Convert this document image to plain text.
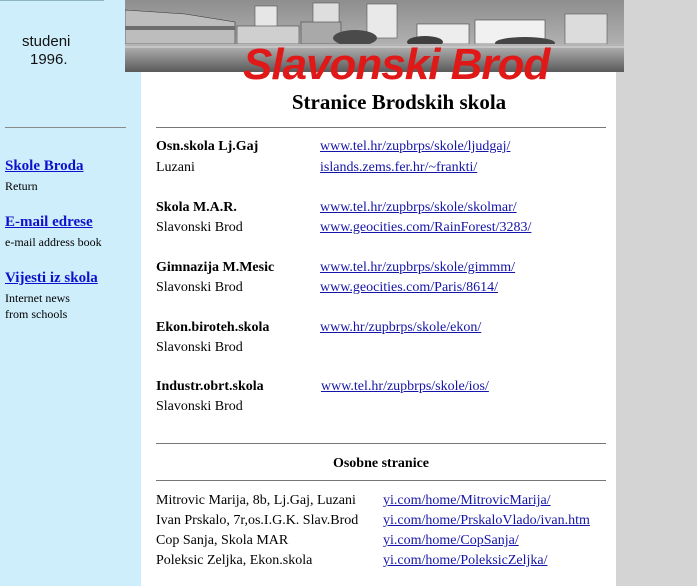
studeni
1996.
Skole Broda
Return
E-mail edrese
e-mail address book
Vijesti iz skola
Internet news
from schools
Slavonski Brod
Stranice Brodskih skola
Osn.skola Lj.Gaj	www.tel.hr/zupbrps/skole/ljudgaj/
Luzani	islands.zems.fer.hr/~frankti/
Skola M.A.R.	www.tel.hr/zupbrps/skole/skolmar/
Slavonski Brod	www.geocities.com/RainForest/3283/
Gimnazija M.Mesic	www.tel.hr/zupbrps/skole/gimmm/
Slavonski Brod	www.geocities.com/Paris/8614/
Ekon.biroteh.skola	www.hr/zupbrps/skole/ekon/
Slavonski Brod
Industr.obrt.skola	www.tel.hr/zupbrps/skole/ios/
Slavonski Brod
Osobne stranice
Mitrovic Marija, 8b, Lj.Gaj, Luzani yi.com/home/MitrovicMarija/
Ivan Prskalo, 7r,os.I.G.K. Slav.Brod yi.com/home/PrskaloVlado/ivan.htm
Cop Sanja, Skola MAR	yi.com/home/CopSanja/
Poleksic Zeljka, Ekon.skola	yi.com/home/PoleksicZeljka/
